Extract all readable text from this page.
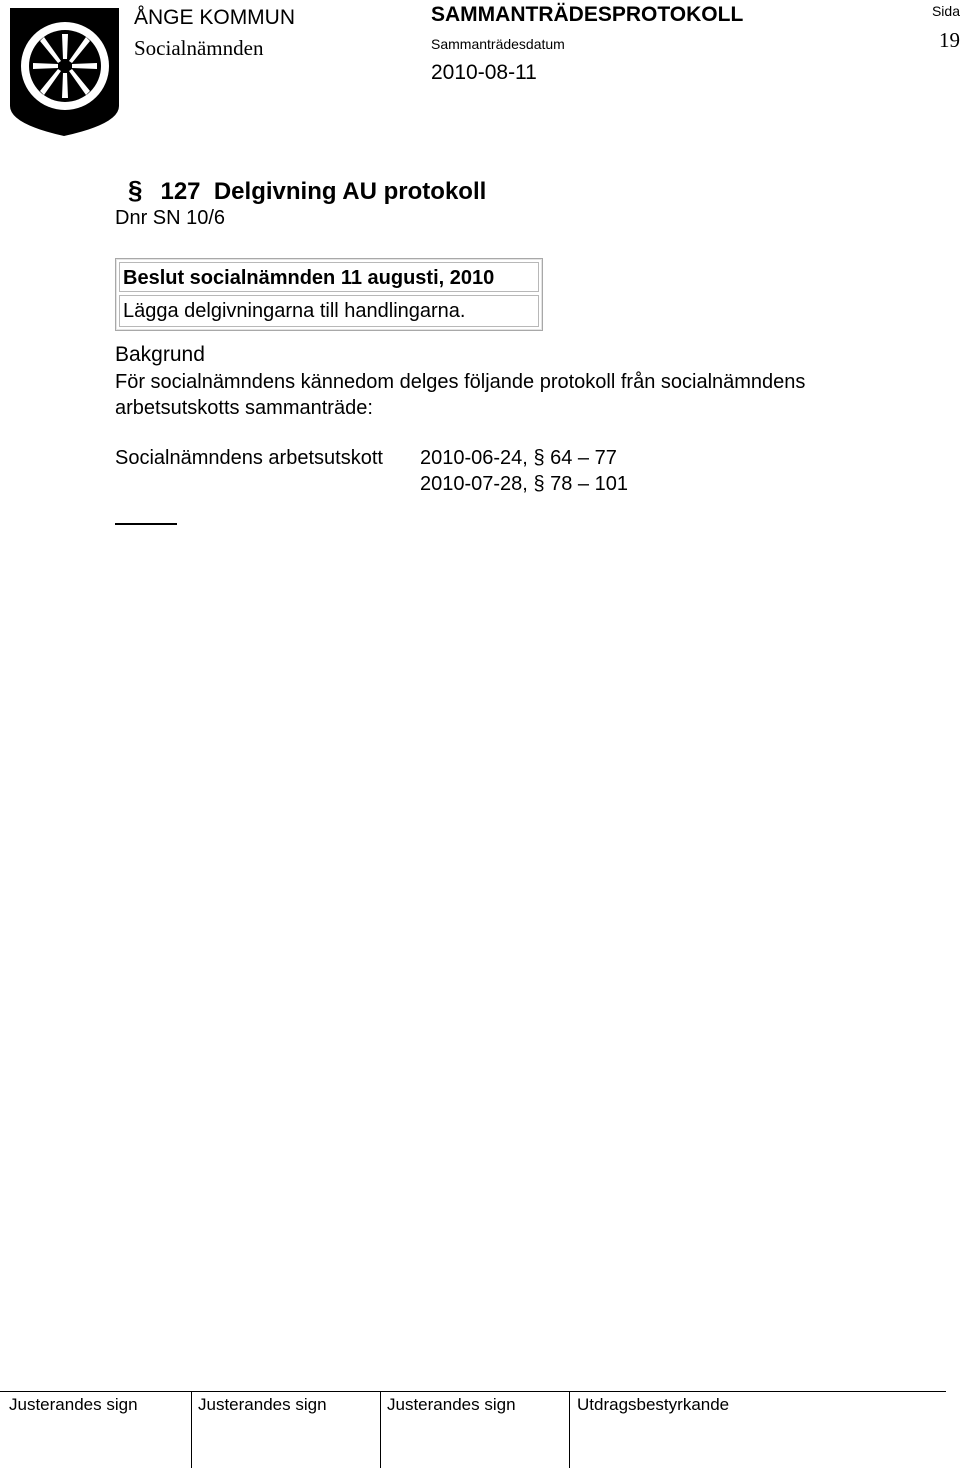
ÅNGE KOMMUN
Socialnämnden
SAMMANTRÄDESPROTOKOLL
Sammanträdesdatum
2010-08-11
Sida
19
§ 127  Delgivning AU protokoll
Dnr SN 10/6
Beslut socialnämnden 11 augusti, 2010
Lägga delgivningarna till handlingarna.
Bakgrund
För socialnämndens kännedom delges följande protokoll från socialnämndens arbetsutskotts sammanträde:
Socialnämndens arbetsutskott 2010-06-24, § 64 – 77
2010-07-28, § 78 – 101
Justerandes sign	Justerandes sign	Justerandes sign	Utdragsbestyrkande
